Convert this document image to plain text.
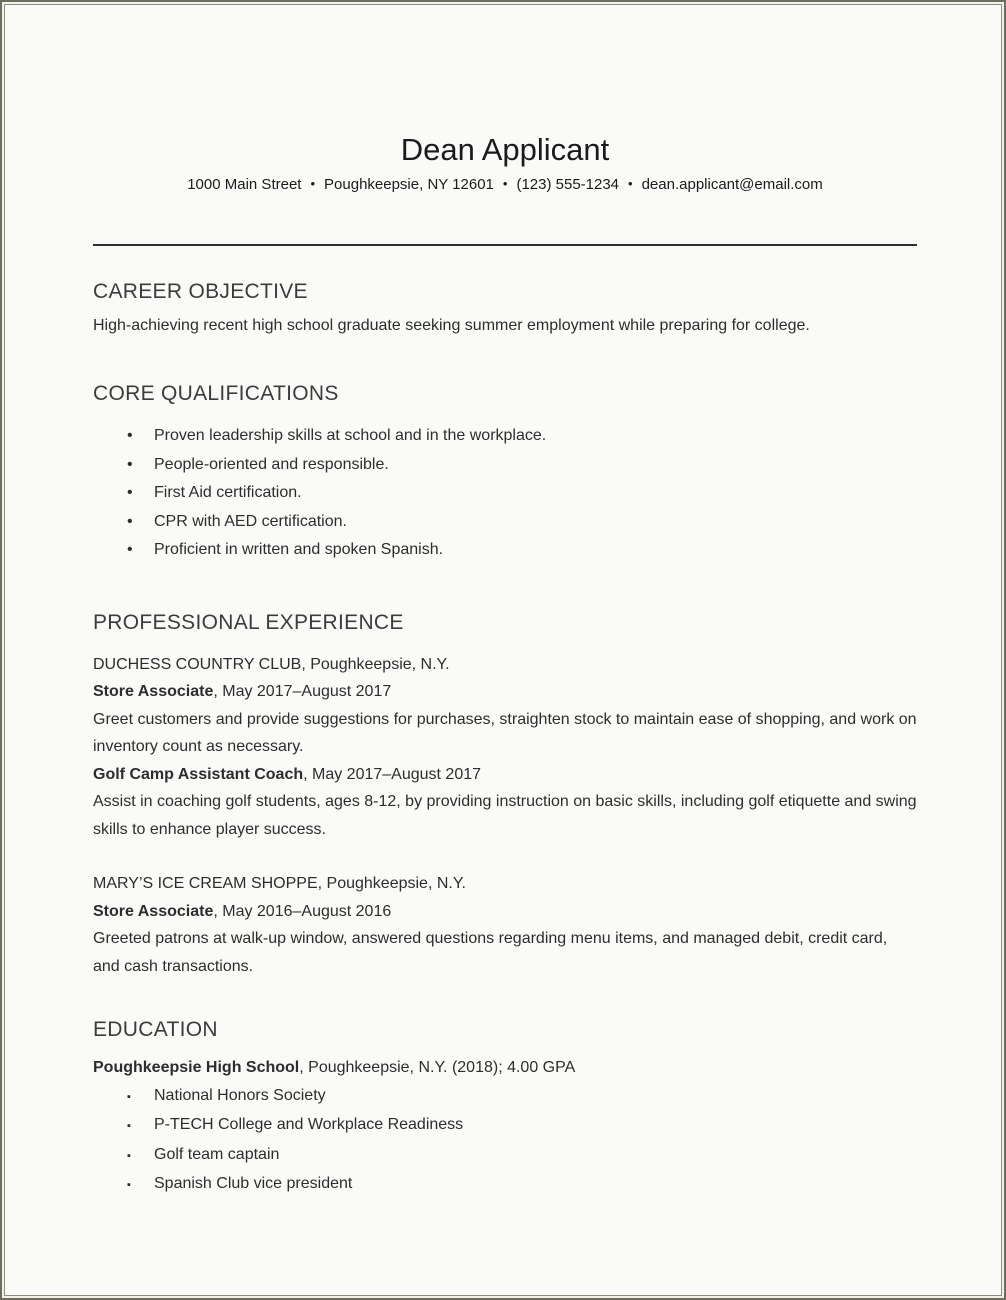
Dean Applicant
1000 Main Street • Poughkeepsie, NY 12601 • (123) 555-1234 • dean.applicant@email.com
CAREER OBJECTIVE
High-achieving recent high school graduate seeking summer employment while preparing for college.
CORE QUALIFICATIONS
•	Proven leadership skills at school and in the workplace.
•	People-oriented and responsible.
•	First Aid certification.
•	CPR with AED certification.
•	Proficient in written and spoken Spanish.
PROFESSIONAL EXPERIENCE
DUCHESS COUNTRY CLUB, Poughkeepsie, N.Y.
Store Associate, May 2017–August 2017
Greet customers and provide suggestions for purchases, straighten stock to maintain ease of shopping, and work on inventory count as necessary.
Golf Camp Assistant Coach, May 2017–August 2017
Assist in coaching golf students, ages 8-12, by providing instruction on basic skills, including golf etiquette and swing skills to enhance player success.
MARY’S ICE CREAM SHOPPE, Poughkeepsie, N.Y.
Store Associate, May 2016–August 2016
Greeted patrons at walk-up window, answered questions regarding menu items, and managed debit, credit card, and cash transactions.
EDUCATION
Poughkeepsie High School, Poughkeepsie, N.Y. (2018); 4.00 GPA
▪	National Honors Society
▪	P-TECH College and Workplace Readiness
▪	Golf team captain
▪	Spanish Club vice president
